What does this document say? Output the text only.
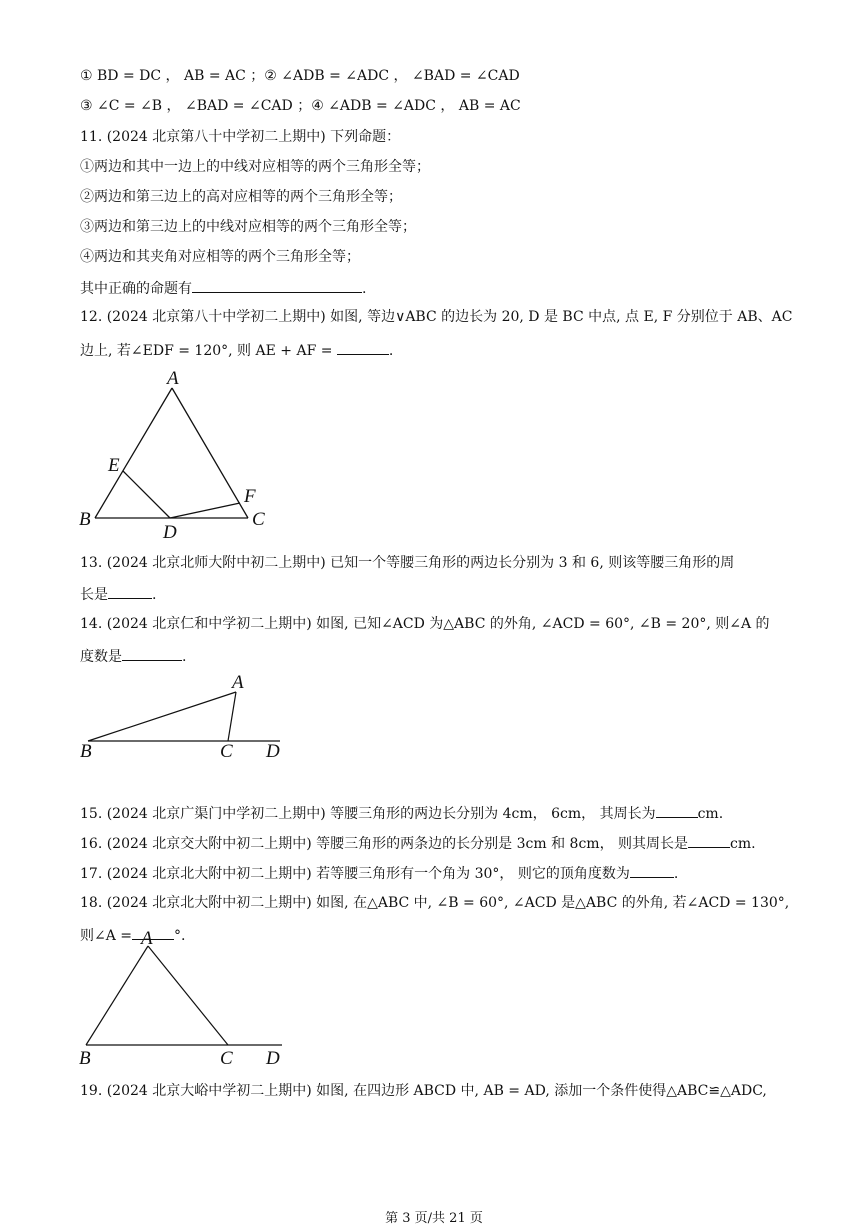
① BD = DC ， AB = AC ；② ∠ADB = ∠ADC ， ∠BAD = ∠CAD
③ ∠C = ∠B ， ∠BAD = ∠CAD ；④ ∠ADB = ∠ADC ， AB = AC
11. (2024 北京第八十中学初二上期中) 下列命题：
①两边和其中一边上的中线对应相等的两个三角形全等；
②两边和第三边上的高对应相等的两个三角形全等；
③两边和第三边上的中线对应相等的两个三角形全等；
④两边和其夹角对应相等的两个三角形全等；
其中正确的命题有	.
12. (2024 北京第八十中学初二上期中) 如图, 等边∨ABC 的边长为 20, D 是 BC 中点, 点 E, F 分别位于 AB、AC
边上, 若∠EDF = 120°, 则 AE + AF =	.
A
B	C
D
E
F
13. (2024 北京北师大附中初二上期中) 已知一个等腰三角形的两边长分别为 3 和 6, 则该等腰三角形的周
长是	.
14. (2024 北京仁和中学初二上期中) 如图, 已知∠ACD 为△ABC 的外角, ∠ACD = 60°, ∠B = 20°, 则∠A 的
度数是	.
A
B	C D
15. (2024 北京广渠门中学初二上期中) 等腰三角形的两边长分别为 4cm， 6cm， 其周长为	cm.
16. (2024 北京交大附中初二上期中) 等腰三角形的两条边的长分别是 3cm 和 8cm， 则其周长是	cm.
17. (2024 北京北大附中初二上期中) 若等腰三角形有一个角为 30°， 则它的顶角度数为	.
18. (2024 北京北大附中初二上期中) 如图, 在△ABC 中, ∠B = 60°, ∠ACD 是△ABC 的外角, 若∠ACD = 130°,
则∠A =	°.
A
B	C D
19. (2024 北京大峪中学初二上期中) 如图, 在四边形 ABCD 中, AB = AD, 添加一个条件使得△ABC≌△ADC,
第 3 页/共 21 页
